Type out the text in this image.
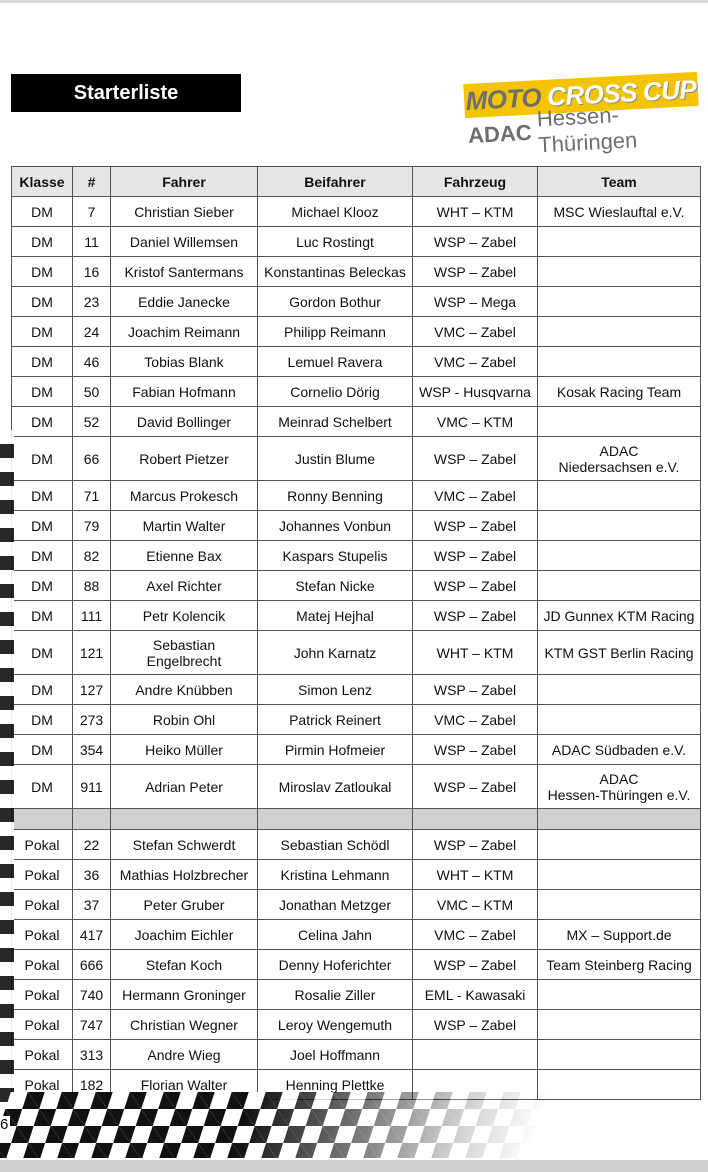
Starterliste	MOTO CROSS CUP
ADAC
Hessen-Thüringen
Klasse	#	Fahrer	Beifahrer	Fahrzeug	Team
DM	7	Christian Sieber	Michael Klooz	WHT – KTM	MSC Wieslauftal e.V.
DM	11	Daniel Willemsen	Luc Rostingt	WSP – Zabel	
DM	16	Kristof Santermans	Konstantinas Beleckas	WSP – Zabel	
DM	23	Eddie Janecke	Gordon Bothur	WSP – Mega	
DM	24	Joachim Reimann	Philipp Reimann	VMC – Zabel	
DM	46	Tobias Blank	Lemuel Ravera	VMC – Zabel	
DM	50	Fabian Hofmann	Cornelio Dörig	WSP - Husqvarna	Kosak Racing Team
DM	52	David Bollinger	Meinrad Schelbert	VMC – KTM	
DM	66	Robert Pietzer	Justin Blume	WSP – Zabel	ADAC
Niedersachsen e.V.
DM	71	Marcus Prokesch	Ronny Benning	VMC – Zabel	
DM	79	Martin Walter	Johannes Vonbun	WSP – Zabel	
DM	82	Etienne Bax	Kaspars Stupelis	WSP – Zabel	
DM	88	Axel Richter	Stefan Nicke	WSP – Zabel	
DM	111	Petr Kolencik	Matej Hejhal	WSP – Zabel	JD Gunnex KTM Racing
DM	121	Sebastian
Engelbrecht	John Karnatz	WHT – KTM	KTM GST Berlin Racing
DM	127	Andre Knübben	Simon Lenz	WSP – Zabel	
DM	273	Robin Ohl	Patrick Reinert	VMC – Zabel	
DM	354	Heiko Müller	Pirmin Hofmeier	WSP – Zabel	ADAC Südbaden e.V.
DM	911	Adrian Peter	Miroslav Zatloukal	WSP – Zabel	ADAC
Hessen-Thüringen e.V.

Pokal	22	Stefan Schwerdt	Sebastian Schödl	WSP – Zabel	
Pokal	36	Mathias Holzbrecher	Kristina Lehmann	WHT – KTM	
Pokal	37	Peter Gruber	Jonathan Metzger	VMC – KTM	
Pokal	417	Joachim Eichler	Celina Jahn	VMC – Zabel	MX – Support.de
Pokal	666	Stefan Koch	Denny Hoferichter	WSP – Zabel	Team Steinberg Racing
Pokal	740	Hermann Groninger	Rosalie Ziller	EML - Kawasaki	
Pokal	747	Christian Wegner	Leroy Wengemuth	WSP – Zabel	
Pokal	313	Andre Wieg	Joel Hoffmann		
Pokal	182	Florian Walter	Henning Plettke		
6
